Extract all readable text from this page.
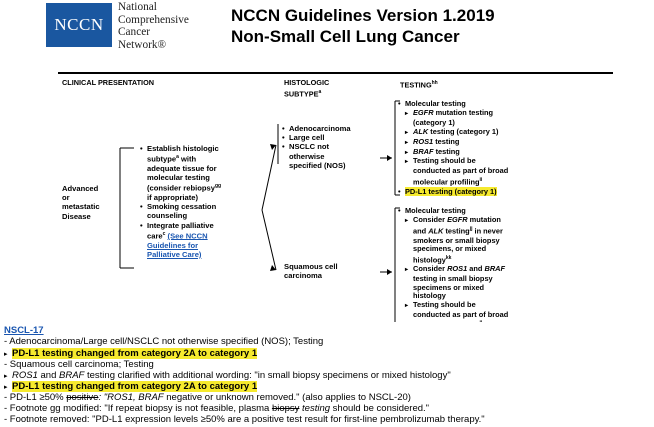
NCCN
National
Comprehensive
Cancer
Network®
NCCN Guidelines Version 1.2019
Non-Small Cell Lung Cancer
CLINICAL PRESENTATION	HISTOLOGIC
SUBTYPE$^a$
$TESTING^{hh}$
Advanced
or
metastatic
Disease
• Establish histologic
subtype$^a$ with
adequate tissue for
molecular testing
(consider rebiopsy$^{gg}$
if appropriate)
• Smoking cessation
counseling
• Integrate palliative
care$^c$ (See NCCN
Guidelines for
Palliative Care)
• Adenocarcinoma
• Large cell
• NSCLC not
otherwise
specified (NOS)
Squamous cell
carcinoma
• Molecular testing
▸ EGFR mutation testing
(category 1)
▸ ALK testing (category 1)
▸ ROS1 testing
▸ BRAF testing
▸ Testing should be
conducted as part of broad
molecular profiling$^{ii}$
• PD-L1 testing (category 1)
• Molecular testing
▸ Consider EGFR mutation
and ALK testing$^{jj}$ in never
smokers or small biopsy
specimens, or mixed
histology$^{kk}$
▸ Consider ROS1 and BRAF
testing in small biopsy
specimens or mixed
histology
▸ Testing should be
conducted as part of broad
NSCL-17
- Adenocarcinoma/Large cell/NSCLC not otherwise specified (NOS); Testing
▸ PD-L1 testing changed from category 2A to category 1
- Squamous cell carcinoma; Testing
▸ ROS1 and BRAF testing clarified with additional wording: "in small biopsy specimens or mixed histology"
▸ PD-L1 testing changed from category 2A to category 1
- PD-L1 ≥50% positive: "ROS1, BRAF negative or unknown removed." (also applies to NSCL-20)
- Footnote gg modified: "If repeat biopsy is not feasible, plasma biopsy testing should be considered."
- Footnote removed: "PD-L1 expression levels ≥50% are a positive test result for first-line pembrolizumab therapy."
